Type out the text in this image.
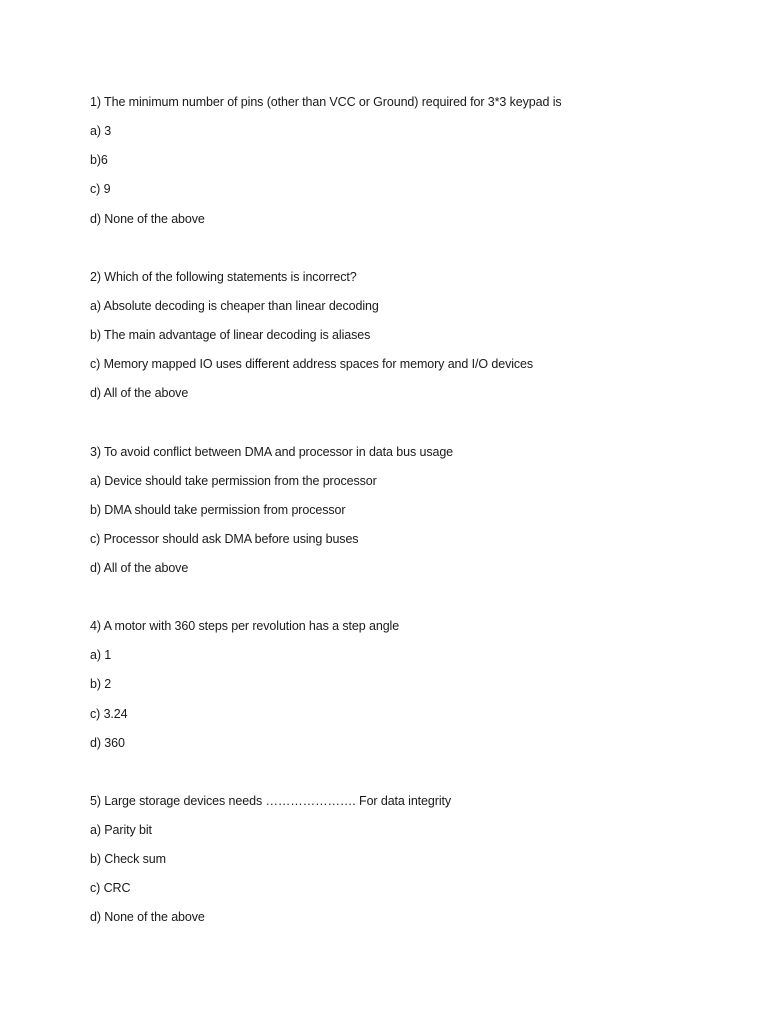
1) The minimum number of pins (other than VCC or Ground) required for 3*3 keypad is
a) 3
b)6
c) 9
d) None of the above
2) Which of the following statements is incorrect?
a) Absolute decoding is cheaper than linear decoding
b) The main advantage of linear decoding is aliases
c) Memory mapped IO uses different address spaces for memory and I/O devices
d) All of the above
3) To avoid conflict between DMA and processor in data bus usage
a) Device should take permission from the processor
b) DMA should take permission from processor
c) Processor should ask DMA before using buses
d) All of the above
4) A motor with 360 steps per revolution has a step angle
a) 1
b) 2
c) 3.24
d) 360
5) Large storage devices needs …………………. For data integrity
a) Parity bit
b) Check sum
c) CRC
d) None of the above
